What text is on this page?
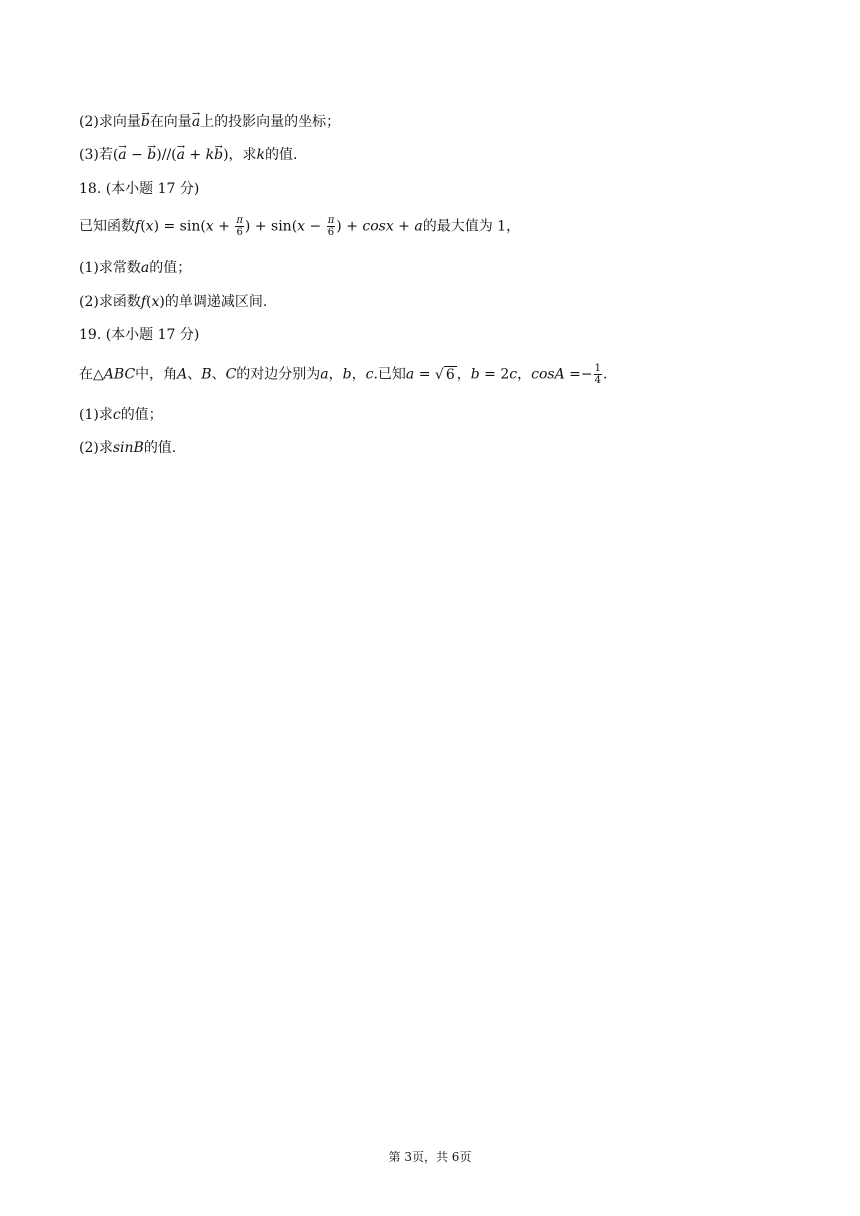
(2)求向量b →在向量a →上的投影向量的坐标；
(3)若(a → − b →)//(a → + kb →)，求k的值.
18. (本小题 17 分)
已知函数$f(x) = \sin(x + \frac{\pi}{6}$ ) + $\sin(x - \frac{\pi}{6}$ ) + cosx + a的最大值为 1，
(1)求常数a的值；
(2)求函数f(x)的单调递减区间.
19. (本小题 17 分)
在△ABC中，角A、B、C的对边分别为a，b，c.已知a = √ 6 ，b = 2c，$\cos A =- \frac{1}{4}$ .
(1)求c的值；
(2)求sinB的值.
第 3页，共 6页
